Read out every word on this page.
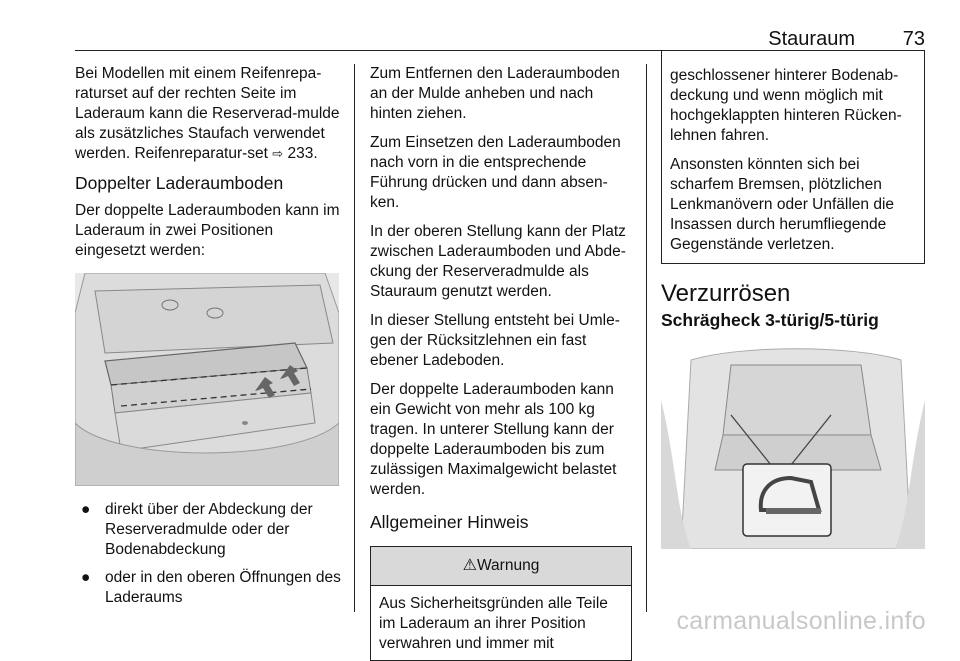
Stauraum 73

Bei Modellen mit einem Reifenrepa-raturset auf der rechten Seite im Laderaum kann die Reserverad-mulde als zusätzliches Staufach verwendet werden. Reifenreparatur-set ⇨ 233.

Doppelter Laderaumboden

Der doppelte Laderaumboden kann im Laderaum in zwei Positionen eingesetzt werden:

● direkt über der Abdeckung der Reserveradmulde oder der Bodenabdeckung
● oder in den oberen Öffnungen des Laderaums

Zum Entfernen den Laderaumboden an der Mulde anheben und nach hinten ziehen.

Zum Einsetzen den Laderaumboden nach vorn in die entsprechende Führung drücken und dann absen-ken.

In der oberen Stellung kann der Platz zwischen Laderaumboden und Abde-ckung der Reserveradmulde als Stauraum genutzt werden.

In dieser Stellung entsteht bei Umle-gen der Rücksitzlehnen ein fast ebener Ladeboden.

Der doppelte Laderaumboden kann ein Gewicht von mehr als 100 kg tragen. In unterer Stellung kann der doppelte Laderaumboden bis zum zulässigen Maximalgewicht belastet werden.

Allgemeiner Hinweis
⚠Warnung
Aus Sicherheitsgründen alle Teile im Laderaum an ihrer Position verwahren und immer mit

geschlossener hinterer Bodenab-deckung und wenn möglich mit hochgeklappten hinteren Rücken-lehnen fahren.

Ansonsten könnten sich bei scharfem Bremsen, plötzlichen Lenkmanövern oder Unfällen die Insassen durch herumfliegende Gegenstände verletzen.

Verzurrösen
Schrägheck 3-türig/5-türig
carmanualsonline.info
